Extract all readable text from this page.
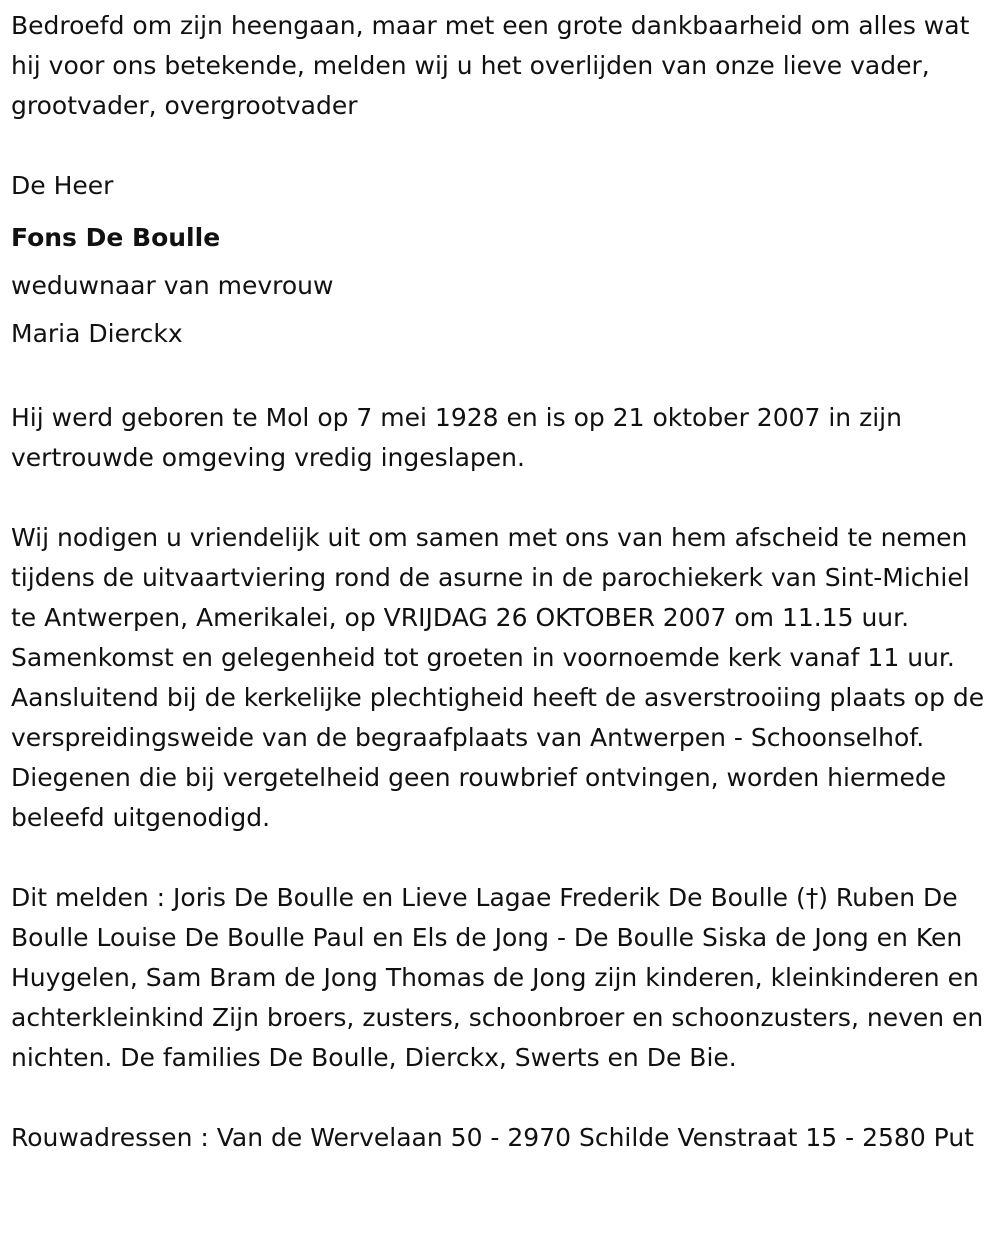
Bedroefd om zijn heengaan, maar met een grote dankbaarheid om alles wat hij voor ons betekende, melden wij u het overlijden van onze lieve vader, grootvader, overgrootvader

De Heer
Fons De Boulle
weduwnaar van mevrouw
Maria Dierckx

Hij werd geboren te Mol op 7 mei 1928 en is op 21 oktober 2007 in zijn vertrouwde omgeving vredig ingeslapen.

Wij nodigen u vriendelijk uit om samen met ons van hem afscheid te nemen tijdens de uitvaartviering rond de asurne in de parochiekerk van Sint-Michiel te Antwerpen, Amerikalei, op VRIJDAG 26 OKTOBER 2007 om 11.15 uur. Samenkomst en gelegenheid tot groeten in voornoemde kerk vanaf 11 uur. Aansluitend bij de kerkelijke plechtigheid heeft de asverstrooiing plaats op de verspreidingsweide van de begraafplaats van Antwerpen - Schoonselhof. Diegenen die bij vergetelheid geen rouwbrief ontvingen, worden hiermede beleefd uitgenodigd.

Dit melden : Joris De Boulle en Lieve Lagae Frederik De Boulle (†) Ruben De Boulle Louise De Boulle Paul en Els de Jong - De Boulle Siska de Jong en Ken Huygelen, Sam Bram de Jong Thomas de Jong zijn kinderen, kleinkinderen en achterkleinkind Zijn broers, zusters, schoonbroer en schoonzusters, neven en nichten. De families De Boulle, Dierckx, Swerts en De Bie.

Rouwadressen : Van de Wervelaan 50 - 2970 Schilde Venstraat 15 - 2580 Put
